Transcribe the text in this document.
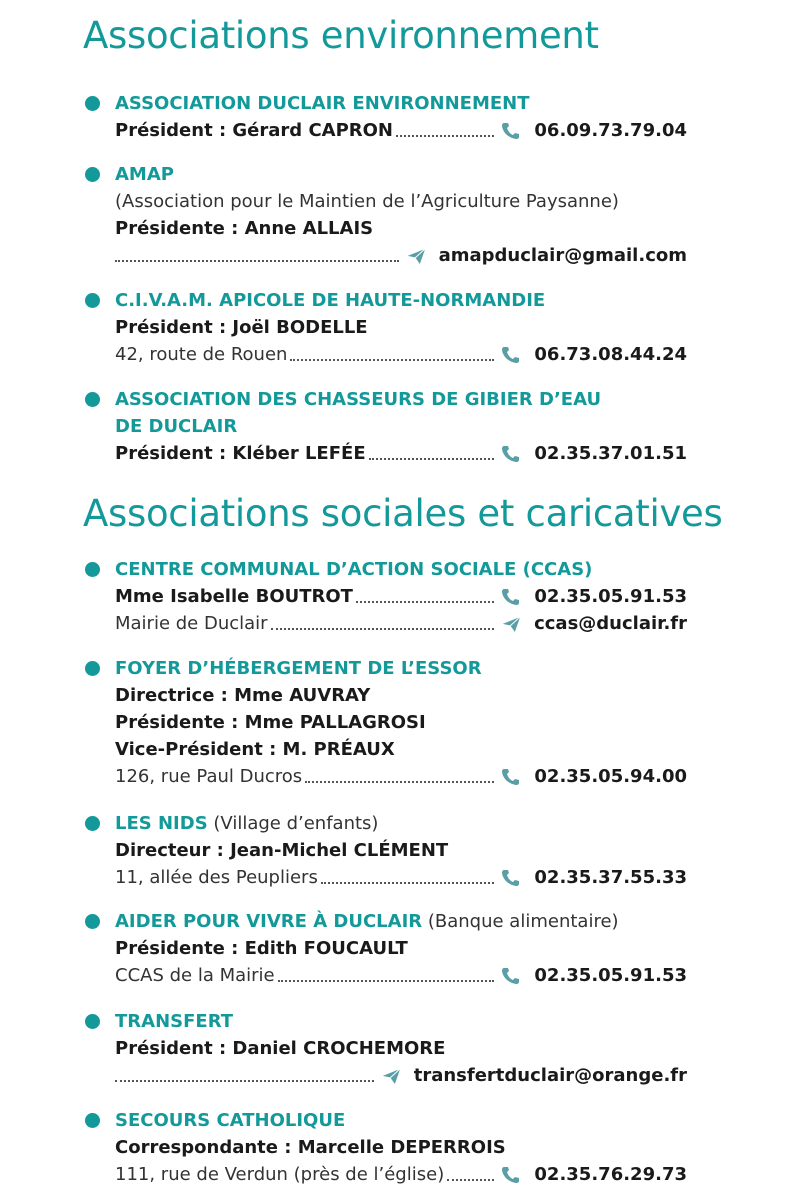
Associations environnement
ASSOCIATION DUCLAIR ENVIRONNEMENT
Président : Gérard CAPRON	06.09.73.79.04
AMAP
(Association pour le Maintien de l’Agriculture Paysanne)
Présidente : Anne ALLAIS
amapduclair@gmail.com
C.I.V.A.M. APICOLE DE HAUTE-NORMANDIE
Président : Joël BODELLE
42, route de Rouen	06.73.08.44.24
ASSOCIATION DES CHASSEURS DE GIBIER D’EAU
DE DUCLAIR
Président : Kléber LEFÉE	02.35.37.01.51
Associations sociales et caricatives
CENTRE COMMUNAL D’ACTION SOCIALE (CCAS)
Mme Isabelle BOUTROT	02.35.05.91.53
Mairie de Duclair	ccas@duclair.fr
FOYER D’HÉBERGEMENT DE L’ESSOR
Directrice : Mme AUVRAY
Présidente : Mme PALLAGROSI
Vice-Président : M. PRÉAUX
126, rue Paul Ducros	02.35.05.94.00
LES NIDS (Village d’enfants)
Directeur : Jean-Michel CLÉMENT
11, allée des Peupliers	02.35.37.55.33
AIDER POUR VIVRE À DUCLAIR (Banque alimentaire)
Présidente : Edith FOUCAULT
CCAS de la Mairie	02.35.05.91.53
TRANSFERT
Président : Daniel CROCHEMORE
transfertduclair@orange.fr
SECOURS CATHOLIQUE
Correspondante : Marcelle DEPERROIS
111, rue de Verdun (près de l’église)	02.35.76.29.73
